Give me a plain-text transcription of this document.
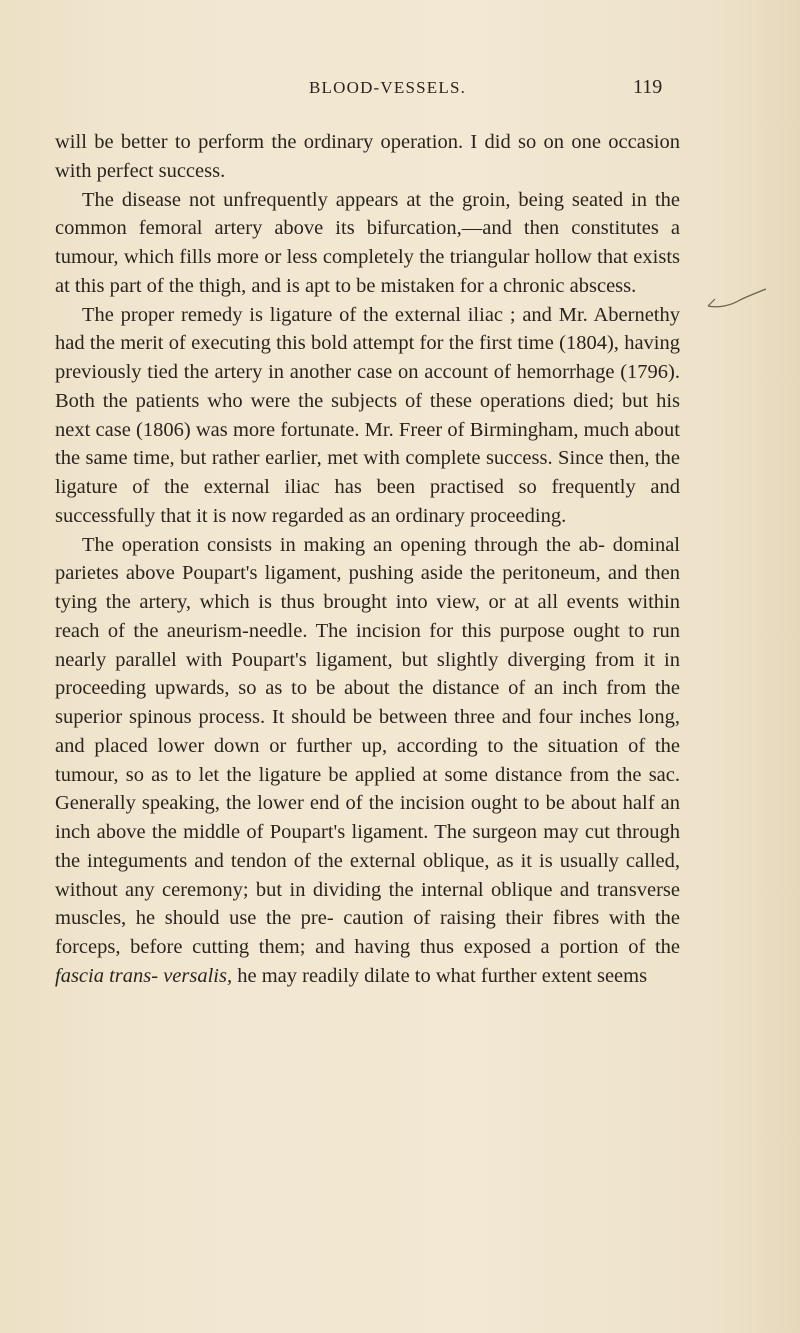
BLOOD-VESSELS.	119

will be better to perform the ordinary operation. I did so on one occasion with perfect success.

The disease not unfrequently appears at the groin, being seated in the common femoral artery above its bifurcation,—and then constitutes a tumour, which fills more or less completely the triangular hollow that exists at this part of the thigh, and is apt to be mistaken for a chronic abscess.

The proper remedy is ligature of the external iliac ; and Mr. Abernethy had the merit of executing this bold attempt for the first time (1804), having previously tied the artery in another case on account of hemorrhage (1796). Both the patients who were the subjects of these operations died; but his next case (1806) was more fortunate. Mr. Freer of Birmingham, much about the same time, but rather earlier, met with complete success. Since then, the ligature of the external iliac has been practised so frequently and successfully that it is now regarded as an ordinary proceeding.

The operation consists in making an opening through the ab- dominal parietes above Poupart's ligament, pushing aside the peritoneum, and then tying the artery, which is thus brought into view, or at all events within reach of the aneurism-needle. The incision for this purpose ought to run nearly parallel with Poupart's ligament, but slightly diverging from it in proceeding upwards, so as to be about the distance of an inch from the superior spinous process. It should be between three and four inches long, and placed lower down or further up, according to the situation of the tumour, so as to let the ligature be applied at some distance from the sac. Generally speaking, the lower end of the incision ought to be about half an inch above the middle of Poupart's ligament. The surgeon may cut through the integuments and tendon of the external oblique, as it is usually called, without any ceremony; but in dividing the internal oblique and transverse muscles, he should use the pre- caution of raising their fibres with the forceps, before cutting them; and having thus exposed a portion of the fascia trans- versalis, he may readily dilate to what further extent seems
